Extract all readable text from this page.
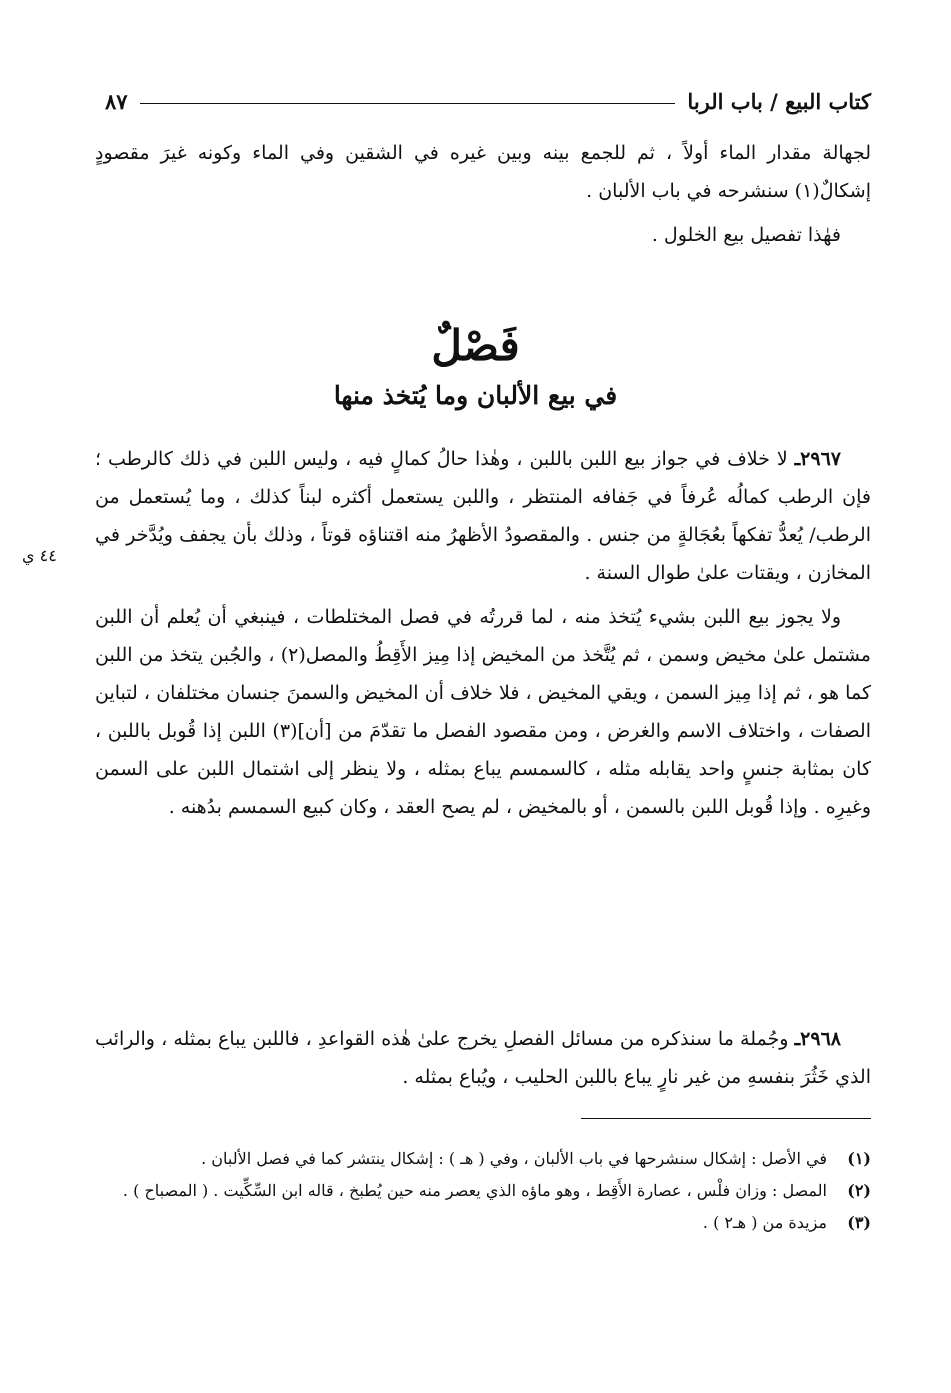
كتاب البيع / باب الربا
٨٧

لجهالة مقدار الماء أولاً ، ثم للجمع بينه وبين غيره في الشقين وفي الماء وكونه غيرَ مقصودٍ إشكالٌ(١) سنشرحه في باب الألبان .

فهٰذا تفصيل بيع الخلول .

فَصْلٌ
في بيع الألبان وما يُتخذ منها
٤٤ ي

٢٩٦٧ـ لا خلاف في جواز بيع اللبن باللبن ، وهٰذا حالُ كمالٍ فيه ، وليس اللبن في ذلك كالرطب ؛ فإن الرطب كمالُه عُرفاً في جَفافه المنتظر ، واللبن يستعمل أكثره لبناً كذلك ، وما يُستعمل من الرطب/ يُعدُّ تفكهاً بعُجَالةٍ من جنس . والمقصودُ الأظهرُ منه اقتناؤه قوتاً ، وذلك بأن يجفف ويُدَّخر في المخازن ، ويقتات علىٰ طوال السنة .

ولا يجوز بيع اللبن بشيء يُتخذ منه ، لما قررتُه في فصل المختلطات ، فينبغي أن يُعلم أن اللبن مشتمل علىٰ مخيض وسمن ، ثم يُتَّخذ من المخيض إذا مِيز الأَقِطُ والمصل(٢) ، والجُبن يتخذ من اللبن كما هو ، ثم إذا مِيز السمن ، ويقي المخيض ، فلا خلاف أن المخيض والسمنَ جنسان مختلفان ، لتباين الصفات ، واختلاف الاسم والغرض ، ومن مقصود الفصل ما تقدّمَ من [أن](٣) اللبن إذا قُوبل باللبن ، كان بمثابة جنسٍ واحد يقابله مثله ، كالسمسم يباع بمثله ، ولا ينظر إلى اشتمال اللبن على السمن وغيرِه . وإذا قُوبل اللبن بالسمن ، أو بالمخيض ، لم يصح العقد ، وكان كبيع السمسم بدُهنه .

٢٩٦٨ـ وجُملة ما سنذكره من مسائل الفصلِ يخرج علىٰ هٰذه القواعدِ ، فاللبن يباع بمثله ، والرائب الذي خَثُرَ بنفسهِ من غير نارٍ يباع باللبن الحليب ، ويُباع بمثله .

(١)
في الأصل : إشكال سنشرحها في باب الألبان ، وفي ( هـ ) : إشكال ينتشر كما في فصل الألبان .
(٢)
المصل : وزان فلْس ، عصارة الأَقِط ، وهو ماؤه الذي يعصر منه حين يُطبخ ، قاله ابن السِّكِّيت . ( المصباح ) .
(٣)
مزيدة من ( هـ٢ ) .
